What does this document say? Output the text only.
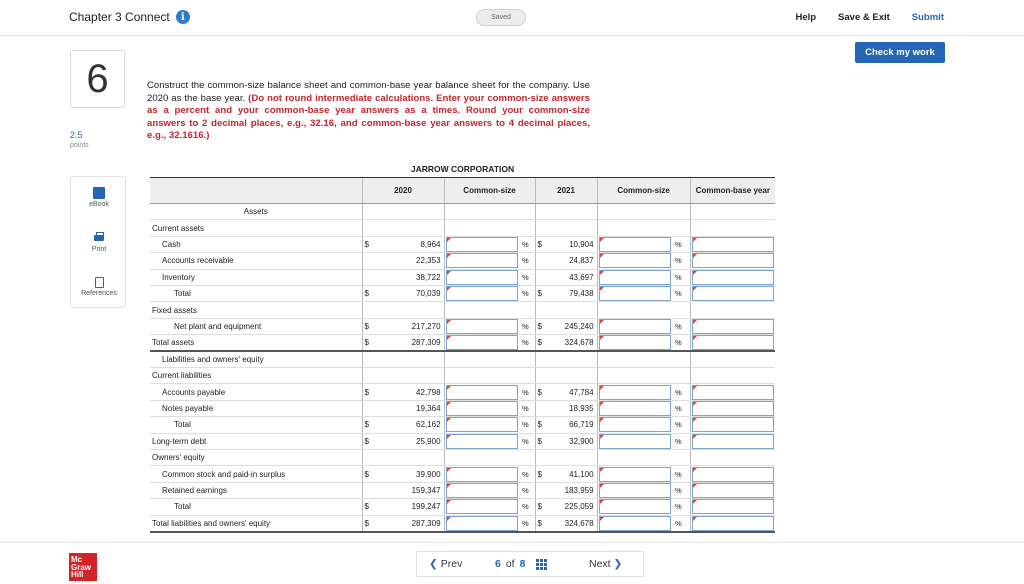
Chapter 3 Connect	i	Saved	Help Save & Exit Submit
Check my work
6
2.5
points
eBook
Print
References
Construct the common-size balance sheet and common-base year balance sheet for the company. Use 2020 as the base year. (Do not round intermediate calculations. Enter your common-size answers as a percent and your common-base year answers as a times. Round your common-size answers to 2 decimal places, e.g., 32.16, and common-base year answers to 4 decimal places, e.g., 32.1616.)
JARROW CORPORATION
	2020		Common-size		2021		Common-size		Common-base year
Assets									
Current assets									
Cash	$	8,964		%	$	10,904		%	

Accounts receivable		22,353		%		24,837		%	

Inventory		38,722		%		43,697		%	

Total	$	70,039		%	$	79,438		%	

Fixed assets									
Net plant and equipment	$	217,270		%	$	245,240		%	

Total assets	$	287,309		%	$	324,678		%	

Liabilities and owners' equity									
Current liabilities									
Accounts payable	$	42,798		%	$	47,784		%	

Notes payable		19,364		%		18,935		%	

Total	$	62,162		%	$	66,719		%	

Long-term debt	$	25,900		%	$	32,900		%	

Owners' equity									
Common stock and paid-in surplus	$	39,900		%	$	41,100		%	

Retained earnings		159,347		%		183,959		%	

Total	$	199,247		%	$	225,059		%	

Total liabilities and owners' equity	$	287,309		%	$	324,678		%	
Mc
Graw
Hill
❮ Prev	6 of 8	Next ❯
